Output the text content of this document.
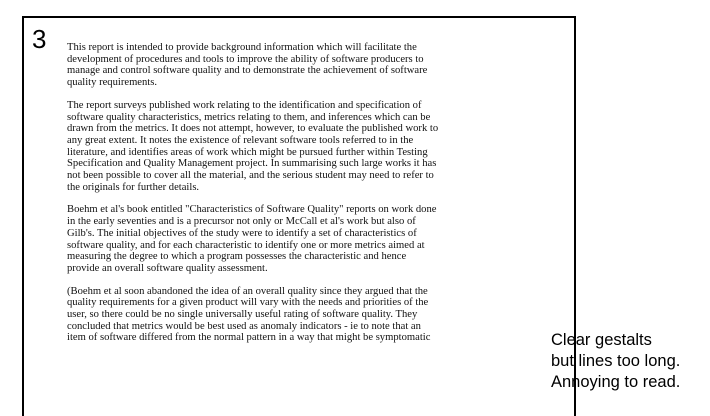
3 This report is intended to provide background information which will facilitate the
development of procedures and tools to improve the ability of software producers to
manage and control software quality and to demonstrate the achievement of software
quality requirements.

The report surveys published work relating to the identification and specification of
software quality characteristics, metrics relating to them, and inferences which can be
drawn from the metrics. It does not attempt, however, to evaluate the published work to
any great extent. It notes the existence of relevant software tools referred to in the
literature, and identifies areas of work which might be pursued further within Testing
Specification and Quality Management project. In summarising such large works it has
not been possible to cover all the material, and the serious student may need to refer to
the originals for further details.

Boehm et al's book entitled "Characteristics of Software Quality" reports on work done
in the early seventies and is a precursor not only or McCall et al's work but also of
Gilb's. The initial objectives of the study were to identify a set of characteristics of
software quality, and for each characteristic to identify one or more metrics aimed at
measuring the degree to which a program possesses the characteristic and hence
provide an overall software quality assessment.

(Boehm et al soon abandoned the idea of an overall quality since they argued that the
quality requirements for a given product will vary with the needs and priorities of the
user, so there could be no single universally useful rating of software quality. They
concluded that metrics would be best used as anomaly indicators - ie to note that an
item of software differed from the normal pattern in a way that might be symptomatic	Clear gestalts
but lines too long.
Annoying to read.
